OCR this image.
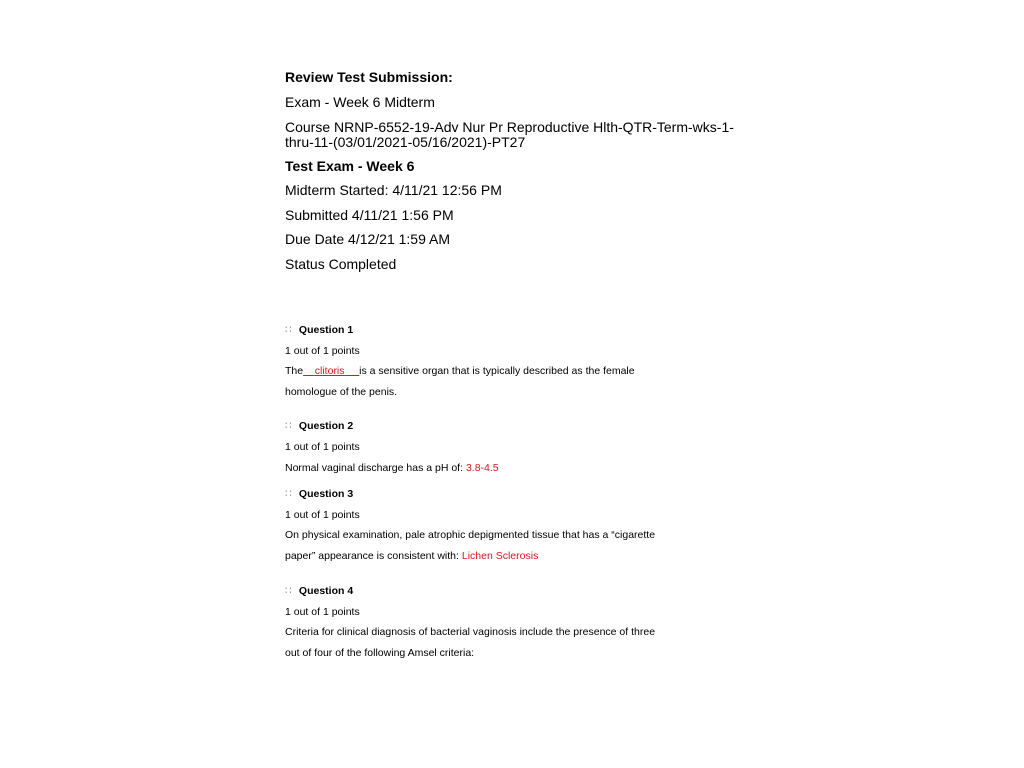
Review Test Submission:
Exam - Week 6 Midterm
Course NRNP-6552-19-Adv Nur Pr Reproductive Hlth-QTR-Term-wks-1-thru-11-(03/01/2021-05/16/2021)-PT27
Test Exam - Week 6
Midterm Started: 4/11/21 12:56 PM
Submitted 4/11/21 1:56 PM
Due Date 4/12/21 1:59 AM
Status Completed
∷ Question 1
1 out of 1 points
The clitoris is a sensitive organ that is typically described as the female homologue of the penis.
∷ Question 2
1 out of 1 points
Normal vaginal discharge has a pH of: 3.8-4.5
∷ Question 3
1 out of 1 points
On physical examination, pale atrophic depigmented tissue that has a “cigarette paper” appearance is consistent with: Lichen Sclerosis
∷ Question 4
1 out of 1 points
Criteria for clinical diagnosis of bacterial vaginosis include the presence of three out of four of the following Amsel criteria:
